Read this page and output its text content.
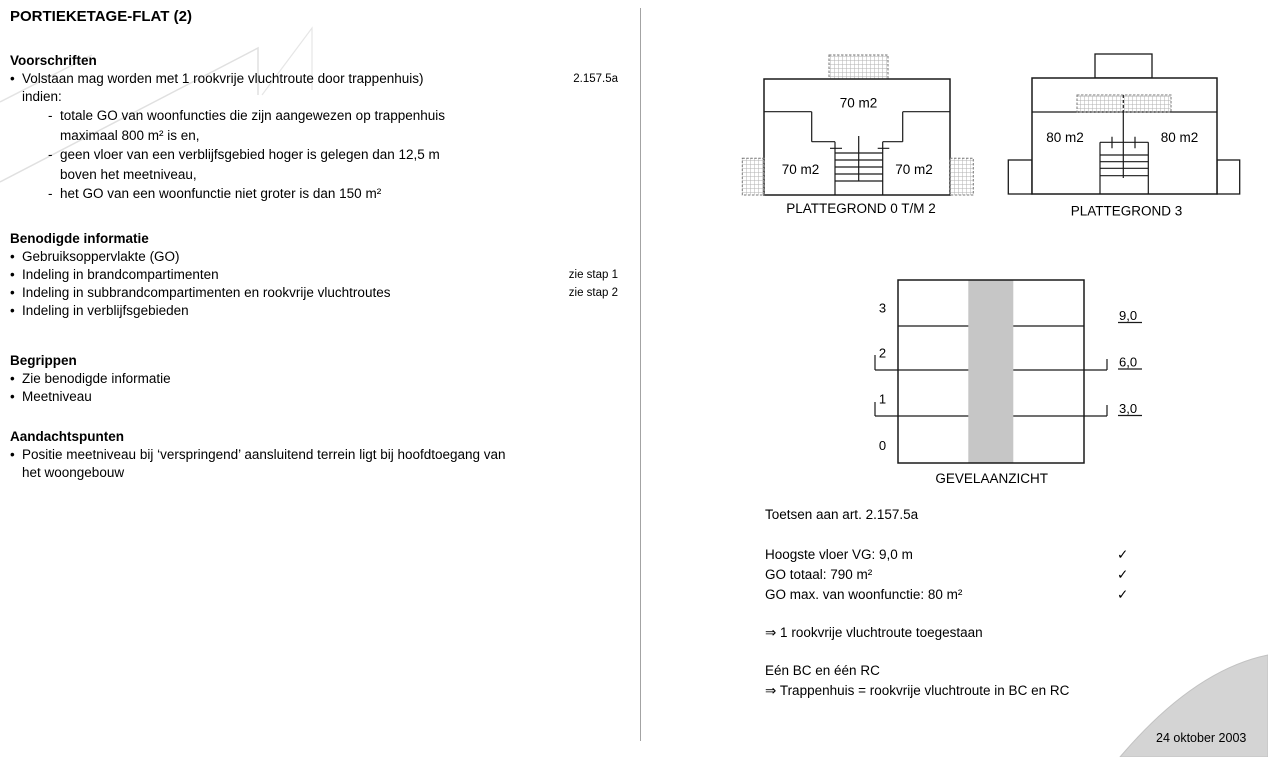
PORTIEKETAGE-FLAT (2)
Voorschriften
• Volstaan mag worden met 1 rookvrije vluchtroute door trappenhuis)	2.157.5a
indien:
- totale GO van woonfuncties die zijn aangewezen op trappenhuis
maximaal 800 m² is en,
- geen vloer van een verblijfsgebied hoger is gelegen dan 12,5 m
boven het meetniveau,
- het GO van een woonfunctie niet groter is dan 150 m²
Benodigde informatie
• Gebruiksoppervlakte (GO)
• Indeling in brandcompartimenten	zie stap 1
• Indeling in subbrandcompartimenten en rookvrije vluchtroutes	zie stap 2
• Indeling in verblijfsgebieden
Begrippen
• Zie benodigde informatie
• Meetniveau
Aandachtspunten
• Positie meetniveau bij ‘verspringend’ aansluitend terrein ligt bij hoofdtoegang van
het woongebouw
70 m2
70 m2	70 m2
PLATTEGROND 0 T/M 2
80 m2	80 m2
PLATTEGROND 3
3
2
1
0
9,0
6,0
3,0
GEVELAANZICHT
Toetsen aan art. 2.157.5a
Hoogste vloer VG: 9,0 m	✓
GO totaal: 790 m²	✓
GO max. van woonfunctie: 80 m²	✓
⇒ 1 rookvrije vluchtroute toegestaan
Eén BC en één RC
⇒ Trappenhuis = rookvrije vluchtroute in BC en RC
24 oktober 2003
